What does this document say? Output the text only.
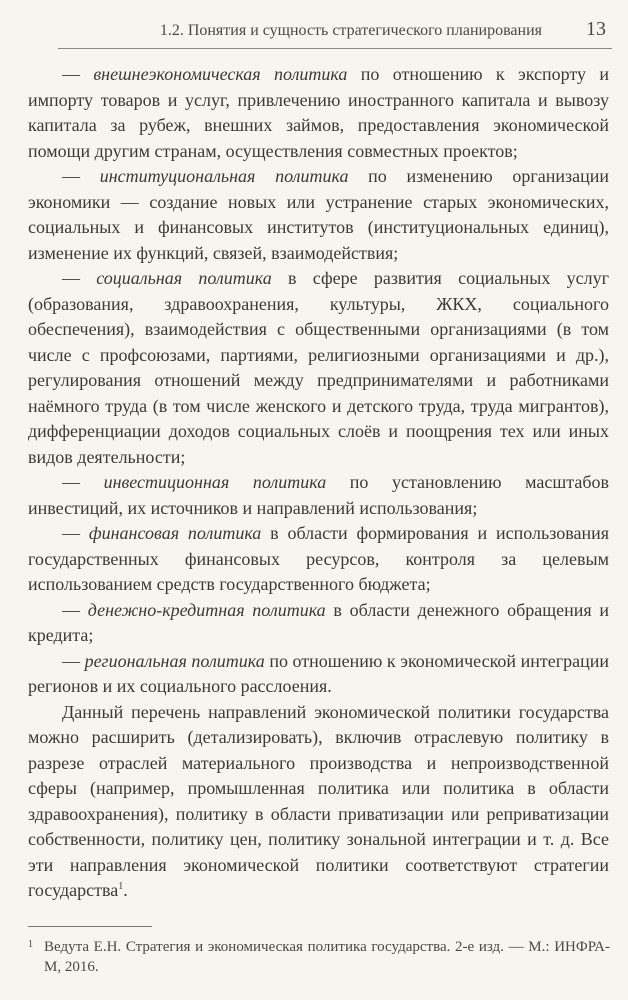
1.2. Понятия и сущность стратегического планирования 13

— внешнеэкономическая политика по отношению к экспорту и импорту товаров и услуг, привлечению иностранного капитала и вывозу капитала за рубеж, внешних займов, предоставления экономической помощи другим странам, осуществления совместных проектов;

— институциональная политика по изменению организации экономики — создание новых или устранение старых экономических, социальных и финансовых институтов (институциональных единиц), изменение их функций, связей, взаимодействия;

— социальная политика в сфере развития социальных услуг (образования, здравоохранения, культуры, ЖКХ, социального обеспечения), взаимодействия с общественными организациями (в том числе с профсоюзами, партиями, религиозными организациями и др.), регулирования отношений между предпринимателями и работниками наёмного труда (в том числе женского и детского труда, труда мигрантов), дифференциации доходов социальных слоёв и поощрения тех или иных видов деятельности;

— инвестиционная политика по установлению масштабов инвестиций, их источников и направлений использования;

— финансовая политика в области формирования и использования государственных финансовых ресурсов, контроля за целевым использованием средств государственного бюджета;

— денежно-кредитная политика в области денежного обращения и кредита;

— региональная политика по отношению к экономической интеграции регионов и их социального расслоения.

Данный перечень направлений экономической политики государства можно расширить (детализировать), включив отраслевую политику в разрезе отраслей материального производства и непроизводственной сферы (например, промышленная политика или политика в области здравоохранения), политику в области приватизации или реприватизации собственности, политику цен, политику зональной интеграции и т. д. Все эти направления экономической политики соответствуют стратегии государства$^1$.

1 Ведута Е.Н. Стратегия и экономическая политика государства. 2-е изд. — М.: ИНФРА-М, 2016.
